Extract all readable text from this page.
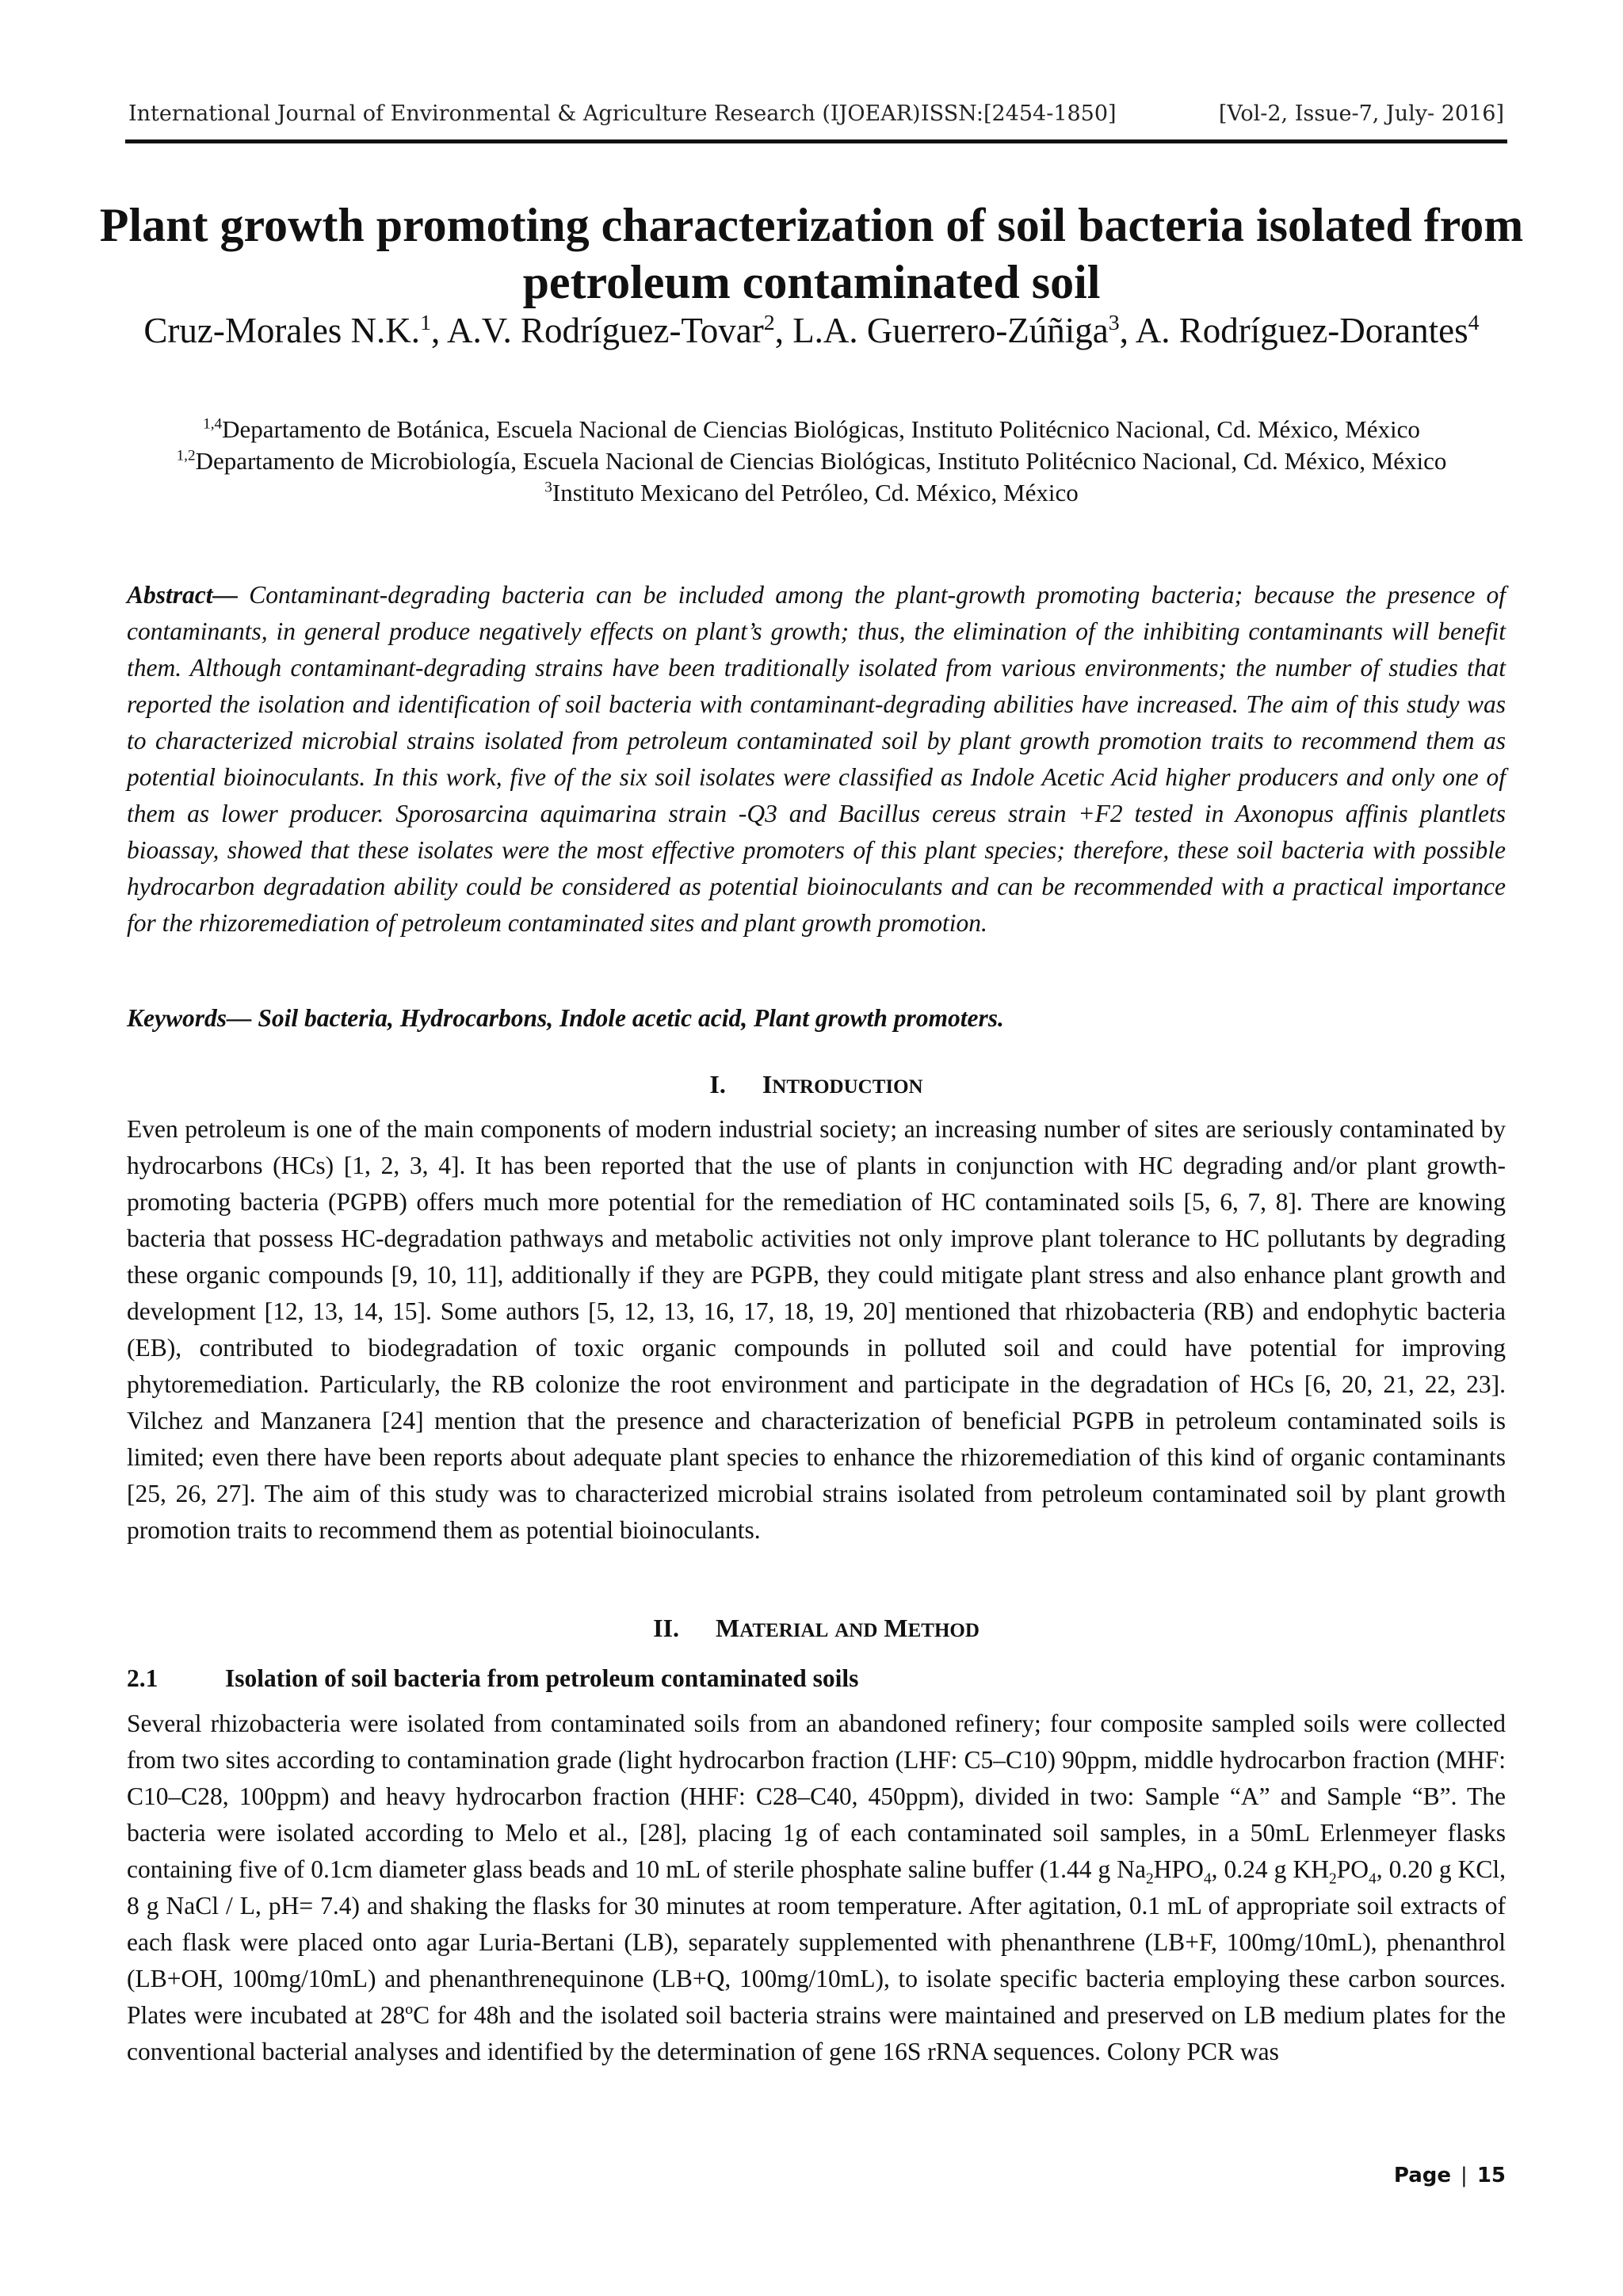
International Journal of Environmental & Agriculture Research (IJOEAR) ISSN:[2454-1850]	[Vol-2, Issue-7, July- 2016]
Plant growth promoting characterization of soil bacteria isolated from petroleum contaminated soil
Cruz-Morales N.K.$^1$, A.V. Rodríguez-Tovar$^2$, L.A. Guerrero-Zúñiga$^3$, A. Rodríguez-Dorantes$^4$
$^{1,4}$Departamento de Botánica, Escuela Nacional de Ciencias Biológicas, Instituto Politécnico Nacional, Cd. México, México
$^{1,2}$Departamento de Microbiología, Escuela Nacional de Ciencias Biológicas, Instituto Politécnico Nacional, Cd. México, México
$^3$Instituto Mexicano del Petróleo, Cd. México, México
Abstract— Contaminant-degrading bacteria can be included among the plant-growth promoting bacteria; because the presence of contaminants, in general produce negatively effects on plant’s growth; thus, the elimination of the inhibiting contaminants will benefit them. Although contaminant-degrading strains have been traditionally isolated from various environments; the number of studies that reported the isolation and identification of soil bacteria with contaminant-degrading abilities have increased. The aim of this study was to characterized microbial strains isolated from petroleum contaminated soil by plant growth promotion traits to recommend them as potential bioinoculants. In this work, five of the six soil isolates were classified as Indole Acetic Acid higher producers and only one of them as lower producer. Sporosarcina aquimarina strain -Q3 and Bacillus cereus strain +F2 tested in Axonopus affinis plantlets bioassay, showed that these isolates were the most effective promoters of this plant species; therefore, these soil bacteria with possible hydrocarbon degradation ability could be considered as potential bioinoculants and can be recommended with a practical importance for the rhizoremediation of petroleum contaminated sites and plant growth promotion.
Keywords— Soil bacteria, Hydrocarbons, Indole acetic acid, Plant growth promoters.
I. INTRODUCTION
Even petroleum is one of the main components of modern industrial society; an increasing number of sites are seriously contaminated by hydrocarbons (HCs) [1, 2, 3, 4]. It has been reported that the use of plants in conjunction with HC degrading and/or plant growth-promoting bacteria (PGPB) offers much more potential for the remediation of HC contaminated soils [5, 6, 7, 8]. There are knowing bacteria that possess HC-degradation pathways and metabolic activities not only improve plant tolerance to HC pollutants by degrading these organic compounds [9, 10, 11], additionally if they are PGPB, they could mitigate plant stress and also enhance plant growth and development [12, 13, 14, 15]. Some authors [5, 12, 13, 16, 17, 18, 19, 20] mentioned that rhizobacteria (RB) and endophytic bacteria (EB), contributed to biodegradation of toxic organic compounds in polluted soil and could have potential for improving phytoremediation. Particularly, the RB colonize the root environment and participate in the degradation of HCs [6, 20, 21, 22, 23]. Vilchez and Manzanera [24] mention that the presence and characterization of beneficial PGPB in petroleum contaminated soils is limited; even there have been reports about adequate plant species to enhance the rhizoremediation of this kind of organic contaminants [25, 26, 27]. The aim of this study was to characterized microbial strains isolated from petroleum contaminated soil by plant growth promotion traits to recommend them as potential bioinoculants.
II. MATERIAL AND METHOD
2.1	Isolation of soil bacteria from petroleum contaminated soils
Several rhizobacteria were isolated from contaminated soils from an abandoned refinery; four composite sampled soils were collected from two sites according to contamination grade (light hydrocarbon fraction (LHF: C5–C10) 90ppm, middle hydrocarbon fraction (MHF: C10–C28, 100ppm) and heavy hydrocarbon fraction (HHF: C28–C40, 450ppm), divided in two: Sample “A” and Sample “B”. The bacteria were isolated according to Melo et al., [28], placing 1g of each contaminated soil samples, in a 50mL Erlenmeyer flasks containing five of 0.1cm diameter glass beads and 10 mL of sterile phosphate saline buffer (1.44 g $Na_2HPO_4$, 0.24 g $KH_2PO_4$, 0.20 g KCl, 8 g NaCl / L, pH= 7.4) and shaking the flasks for 30 minutes at room temperature. After agitation, 0.1 mL of appropriate soil extracts of each flask were placed onto agar Luria-Bertani (LB), separately supplemented with phenanthrene (LB+F, 100mg/10mL), phenanthrol (LB+OH, 100mg/10mL) and phenanthrenequinone (LB+Q, 100mg/10mL), to isolate specific bacteria employing these carbon sources. Plates were incubated at 28ºC for 48h and the isolated soil bacteria strains were maintained and preserved on LB medium plates for the conventional bacterial analyses and identified by the determination of gene 16S rRNA sequences. Colony PCR was
Page | 15
